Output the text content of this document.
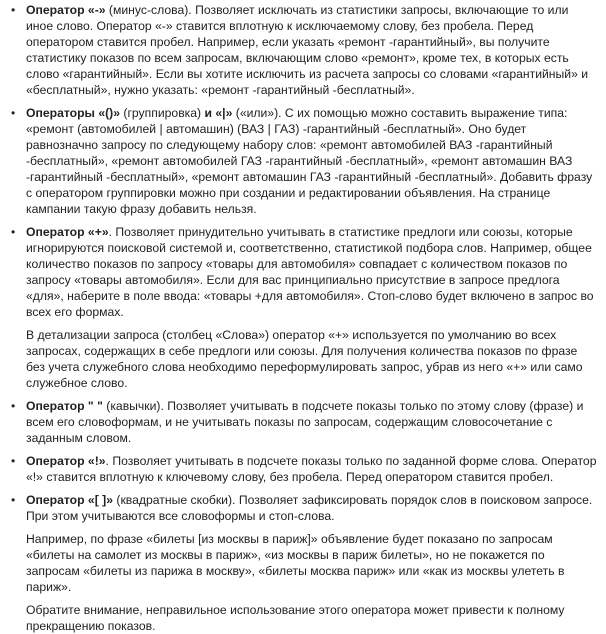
• Оператор «-» (минус-слова). Позволяет исключать из статистики запросы, включающие то или иное слово. Оператор «-» ставится вплотную к исключаемому слову, без пробела. Перед оператором ставится пробел. Например, если указать «ремонт -гарантийный», вы получите статистику показов по всем запросам, включающим слово «ремонт», кроме тех, в которых есть слово «гарантийный». Если вы хотите исключить из расчета запросы со словами «гарантийный» и «бесплатный», нужно указать: «ремонт -гарантийный -бесплатный».

• Операторы «()» (группировка) и «|» («или»). С их помощью можно составить выражение типа: «ремонт (автомобилей | автомашин) (ВАЗ | ГАЗ) -гарантийный -бесплатный». Оно будет равнозначно запросу по следующему набору слов: «ремонт автомобилей ВАЗ -гарантийный -бесплатный», «ремонт автомобилей ГАЗ -гарантийный -бесплатный», «ремонт автомашин ВАЗ -гарантийный -бесплатный», «ремонт автомашин ГАЗ -гарантийный -бесплатный». Добавить фразу с оператором группировки можно при создании и редактировании объявления. На странице кампании такую фразу добавить нельзя.

• Оператор «+». Позволяет принудительно учитывать в статистике предлоги или союзы, которые игнорируются поисковой системой и, соответственно, статистикой подбора слов. Например, общее количество показов по запросу «товары для автомобиля» совпадает с количеством показов по запросу «товары автомобиля». Если для вас принципиально присутствие в запросе предлога «для», наберите в поле ввода: «товары +для автомобиля». Стоп-слово будет включено в запрос во всех его формах.

В детализации запроса (столбец «Слова») оператор «+» используется по умолчанию во всех запросах, содержащих в себе предлоги или союзы. Для получения количества показов по фразе без учета служебного слова необходимо переформулировать запрос, убрав из него «+» или само служебное слово.

• Оператор " " (кавычки). Позволяет учитывать в подсчете показы только по этому слову (фразе) и всем его словоформам, и не учитывать показы по запросам, содержащим словосочетание с заданным словом.

• Оператор «!». Позволяет учитывать в подсчете показы только по заданной форме слова. Оператор «!» ставится вплотную к ключевому слову, без пробела. Перед оператором ставится пробел.

• Оператор «[ ]» (квадратные скобки). Позволяет зафиксировать порядок слов в поисковом запросе. При этом учитываются все словоформы и стоп-слова.

Например, по фразе «билеты [из москвы в париж]» объявление будет показано по запросам «билеты на самолет из москвы в париж», «из москвы в париж билеты», но не покажется по запросам «билеты из парижа в москву», «билеты москва париж» или «как из москвы улететь в париж».

Обратите внимание, неправильное использование этого оператора может привести к полному прекращению показов.
